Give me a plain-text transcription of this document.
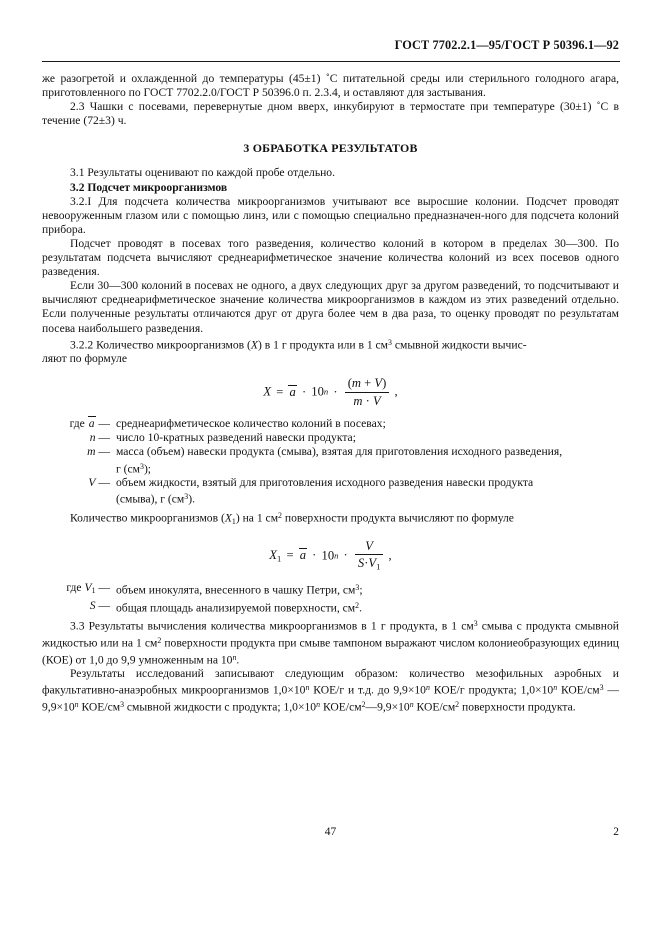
ГОСТ 7702.2.1—95/ГОСТ Р 50396.1—92

же разогретой и охлажденной до температуры (45±1) ˚С питательной среды или стерильного голодного агара, приготовленного по ГОСТ 7702.2.0/ГОСТ Р 50396.0 п. 2.3.4, и оставляют для застывания.

2.3 Чашки с посевами, перевернутые дном вверх, инкубируют в термостате при температуре (30±1) ˚С в течение (72±3) ч.

3 ОБРАБОТКА РЕЗУЛЬТАТОВ

3.1 Результаты оценивают по каждой пробе отдельно.

3.2 Подсчет микроорганизмов

3.2.I Для подсчета количества микроорганизмов учитывают все выросшие колонии. Подсчет проводят невооруженным глазом или с помощью линз, или с помощью специально предназначен-ного для подсчета колоний прибора.

Подсчет проводят в посевах того разведения, количество колоний в котором в пределах 30—300. По результатам подсчета вычисляют среднеарифметическое значение количества колоний из всех посевов одного разведения.

Если 30—300 колоний в посевах не одного, а двух следующих друг за другом разведений, то подсчитывают и вычисляют среднеарифметическое значение количества микроорганизмов в каждом из этих разведений отдельно. Если полученные результаты отличаются друг от друга более чем в два раза, то оценку проводят по результатам посева наибольшего разведения.

3.2.2 Количество микроорганизмов (X) в 1 г продукта или в 1 $см^3$ смывной жидкости вычис-

ляют по формуле

$X = a \cdot 10n \cdot \frac{(m + V)}{m \cdot V}$ ,
где a — среднеарифметическое количество колоний в посевах;
n — число 10-кратных разведений навески продукта;
m — масса (объем) навески продукта (смыва), взятая для приготовления исходного разведения,
г $(см^3)$;
V — объем жидкости, взятый для приготовления исходного разведения навески продукта
(смыва), г $(см^3)$.

Количество микроорганизмов $(X_1)$ на 1 $см^2$ поверхности продукта вычисляют по формуле

$X_1 = a \cdot 10n \cdot \frac{V}{S\cdot V_1}$ ,
где $V_1$ — объем инокулята, внесенного в чашку Петри, $см^3$;
S — общая площадь анализируемой поверхности, $см^2$.

3.3 Результаты вычисления количества микроорганизмов в 1 г продукта, в 1 $см^3$ смыва с продукта смывной жидкостью или на 1 $см^2$ поверхности продукта при смыве тампоном выражают числом колониеобразующих единиц (КОЕ) от 1,0 до 9,9 умноженным на 10$^n$.

Результаты исследований записывают следующим образом: количество мезофильных аэробных и факультативно-анаэробных микроорганизмов $1,0\times 10^n$ КОЕ/г и т.д. до $9,9\times 10^n$ КОЕ/г продукта; $1,0\times 10^n$ КОЕ/$см^3$ — $9,9\times 10^n$ КОЕ/$см^3$ смывной жидкости с продукта; $1,0\times 10^n$ КОЕ/$см^2—9,9\times 10^n$ КОЕ/$см^2$ поверхности продукта.

47	2
